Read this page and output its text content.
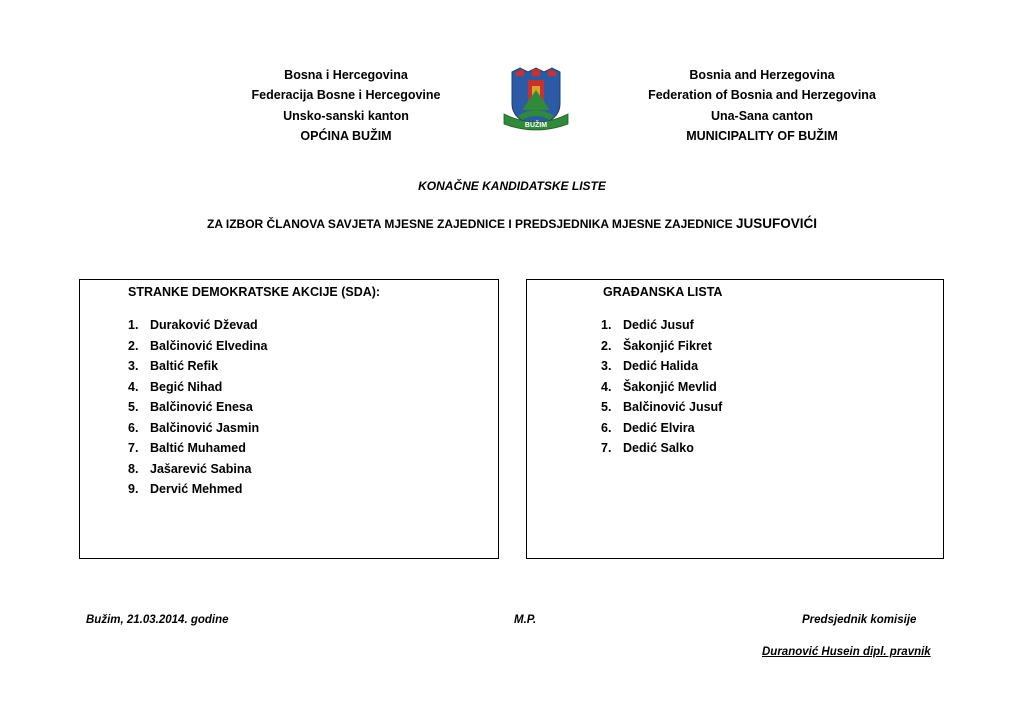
Bosna i Hercegovina
Federacija Bosne i Hercegovine
Unsko-sanski kanton
OPĆINA BUŽIM
BUŽIM
Bosnia and Herzegovina
Federation of Bosnia and Herzegovina
Una-Sana canton
MUNICIPALITY OF BUŽIM
KONAČNE KANDIDATSKE LISTE
ZA IZBOR ČLANOVA SAVJETA MJESNE ZAJEDNICE I PREDSJEDNIKA MJESNE ZAJEDNICE JUSUFOVIĆI
STRANKE DEMOKRATSKE AKCIJE (SDA):
1. Duraković Dževad
2. Balčinović Elvedina
3. Baltić Refik
4. Begić Nihad
5. Balčinović Enesa
6. Balčinović Jasmin
7. Baltić Muhamed
8. Jašarević Sabina
9. Dervić Mehmed
GRAĐANSKA LISTA
1. Dedić Jusuf
2. Šakonjić Fikret
3. Dedić Halida
4. Šakonjić Mevlid
5. Balčinović Jusuf
6. Dedić Elvira
7. Dedić Salko
Bužim, 21.03.2014. godine	M.P.	Predsjednik komisije
Duranović Husein dipl. pravnik
